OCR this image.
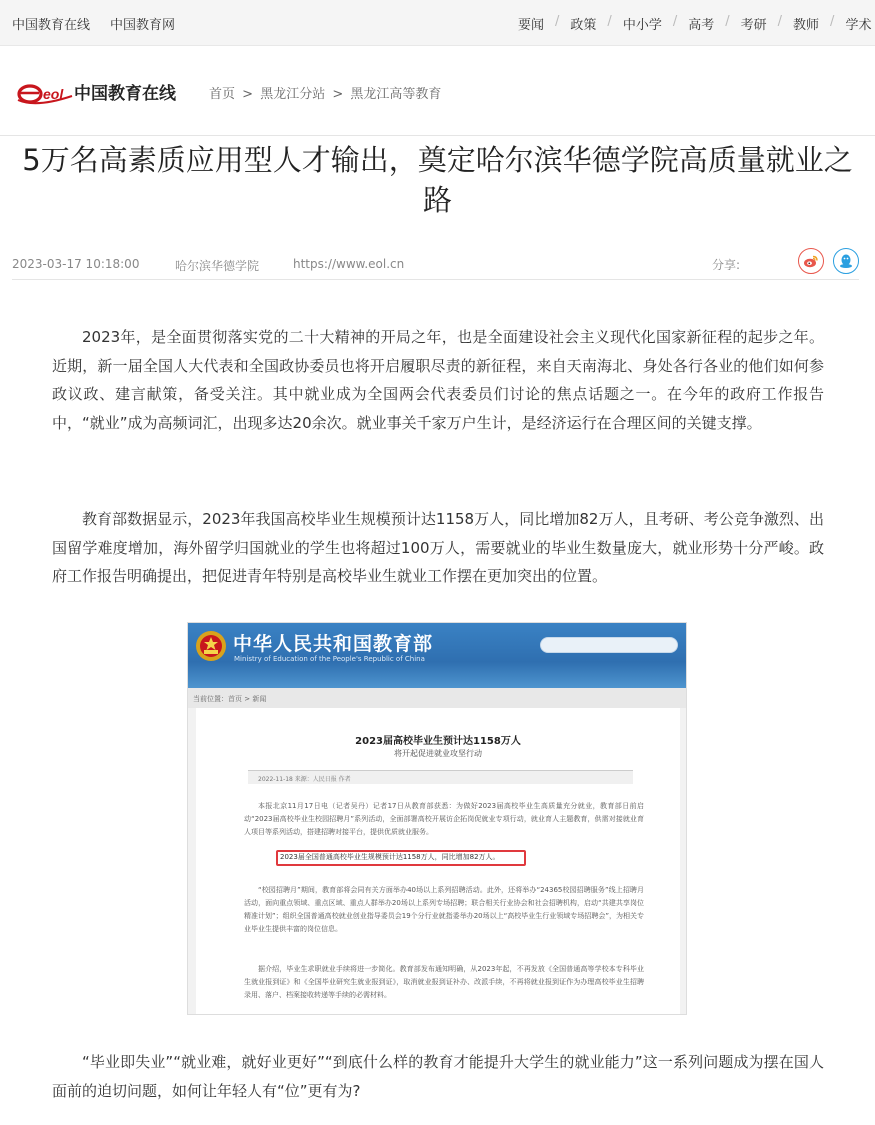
中国教育在线 中国教育网	要闻 / 政策 / 中小学 / 高考 / 考研 / 教师 / 学术
eol 中国教育在线	首页 > 黑龙江分站 > 黑龙江高等教育
5万名高素质应用型人才输出，奠定哈尔滨华德学院高质量就业之路
2023-03-17 10:18:00	哈尔滨华德学院	https://www.eol.cn	分享:

2023年，是全面贯彻落实党的二十大精神的开局之年，也是全面建设社会主义现代化国家新征程的起步之年。近期，新一届全国人大代表和全国政协委员也将开启履职尽责的新征程，来自天南海北、身处各行各业的他们如何参政议政、建言献策，备受关注。其中就业成为全国两会代表委员们讨论的焦点话题之一。在今年的政府工作报告中，“就业”成为高频词汇，出现多达20余次。就业事关千家万户生计，是经济运行在合理区间的关键支撑。

教育部数据显示，2023年我国高校毕业生规模预计达1158万人，同比增加82万人，且考研、考公竞争激烈、出国留学难度增加，海外留学归国就业的学生也将超过100万人，需要就业的毕业生数量庞大，就业形势十分严峻。政府工作报告明确提出，把促进青年特别是高校毕业生就业工作摆在更加突出的位置。

中华人民共和国教育部
Ministry of Education of the People's Republic of China
当前位置：首页 > 新闻
2023届高校毕业生预计达1158万人
将开起促进就业攻坚行动
2022-11-18 来源：人民日报 作者

本报北京11月17日电（记者吴丹）记者17日从教育部获悉：为做好2023届高校毕业生高质量充分就业，教育部日前启动“2023届高校毕业生校园招聘月”系列活动，全面部署高校开展访企拓岗促就业专项行动，就业育人主题教育，供需对接就业育人项目等系列活动，搭建招聘对接平台，提供优质就业服务。

2023届全国普通高校毕业生规模预计达1158万人，同比增加82万人。

“校园招聘月”期间，教育部将会同有关方面举办40场以上系列招聘活动。此外，还将举办“24365校园招聘服务”线上招聘月活动，面向重点领域、重点区域、重点人群举办20场以上系列专场招聘；联合相关行业协会和社会招聘机构，启动“共建共享岗位精准计划”；组织全国普通高校就业创业指导委员会19个分行业就指委举办20场以上“高校毕业生行业领域专场招聘会”，为相关专业毕业生提供丰富的岗位信息。

据介绍，毕业生求职就业手续将进一步简化。教育部发布通知明确，从2023年起，不再发放《全国普通高等学校本专科毕业生就业报到证》和《全国毕业研究生就业报到证》，取消就业报到证补办、改派手续，不再将就业报到证作为办理高校毕业生招聘录用、落户、档案接收转递等手续的必需材料。

“毕业即失业”“就业难，就好业更好”“到底什么样的教育才能提升大学生的就业能力”这一系列问题成为摆在国人面前的迫切问题，如何让年轻人有“位”更有为?
